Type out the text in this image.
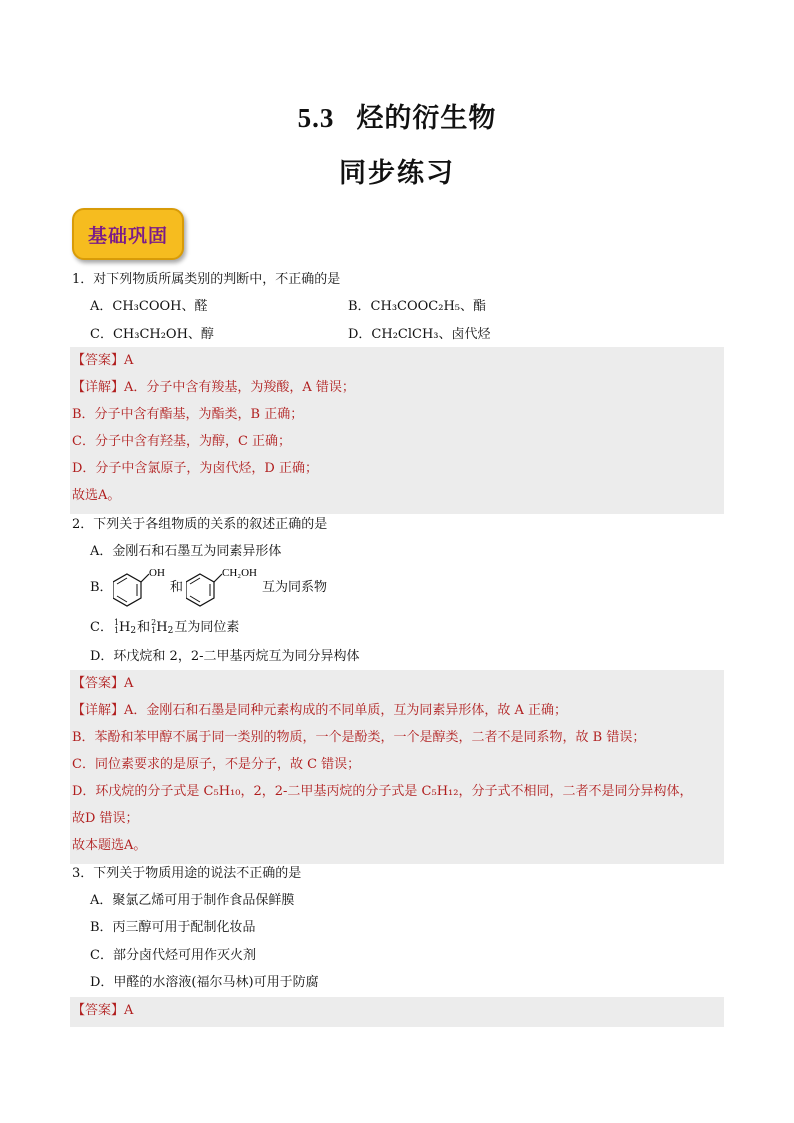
5.3 烃的衍生物
同步练习
基础巩固
1．对下列物质所属类别的判断中，不正确的是
A．CH₃COOH、醛	B．CH₃COOC₂H₅、酯
C．CH₃CH₂OH、醇	D．CH₂ClCH₃、卤代烃
【答案】A
【详解】A．分子中含有羧基，为羧酸，A 错误；
B．分子中含有酯基，为酯类，B 正确；
C．分子中含有羟基，为醇，C 正确；
D．分子中含氯原子，为卤代烃，D 正确；
故选A。
2．下列关于各组物质的关系的叙述正确的是
A．金刚石和石墨互为同素异形体
B．
OH
和
CH₂OH
互为同系物
C．1
$1H_2$和2
$1H_2$互为同位素
D．环戊烷和 2，2-二甲基丙烷互为同分异构体
【答案】A
【详解】A．金刚石和石墨是同种元素构成的不同单质，互为同素异形体，故 A 正确；
B．苯酚和苯甲醇不属于同一类别的物质，一个是酚类，一个是醇类，二者不是同系物，故 B 错误；
C．同位素要求的是原子，不是分子，故 C 错误；
D．环戊烷的分子式是 C₅H₁₀，2，2-二甲基丙烷的分子式是 C₅H₁₂，分子式不相同，二者不是同分异构体，
故D 错误；
故本题选A。
3．下列关于物质用途的说法不正确的是
A．聚氯乙烯可用于制作食品保鲜膜
B．丙三醇可用于配制化妆品
C．部分卤代烃可用作灭火剂
D．甲醛的水溶液(福尔马林)可用于防腐
【答案】A
